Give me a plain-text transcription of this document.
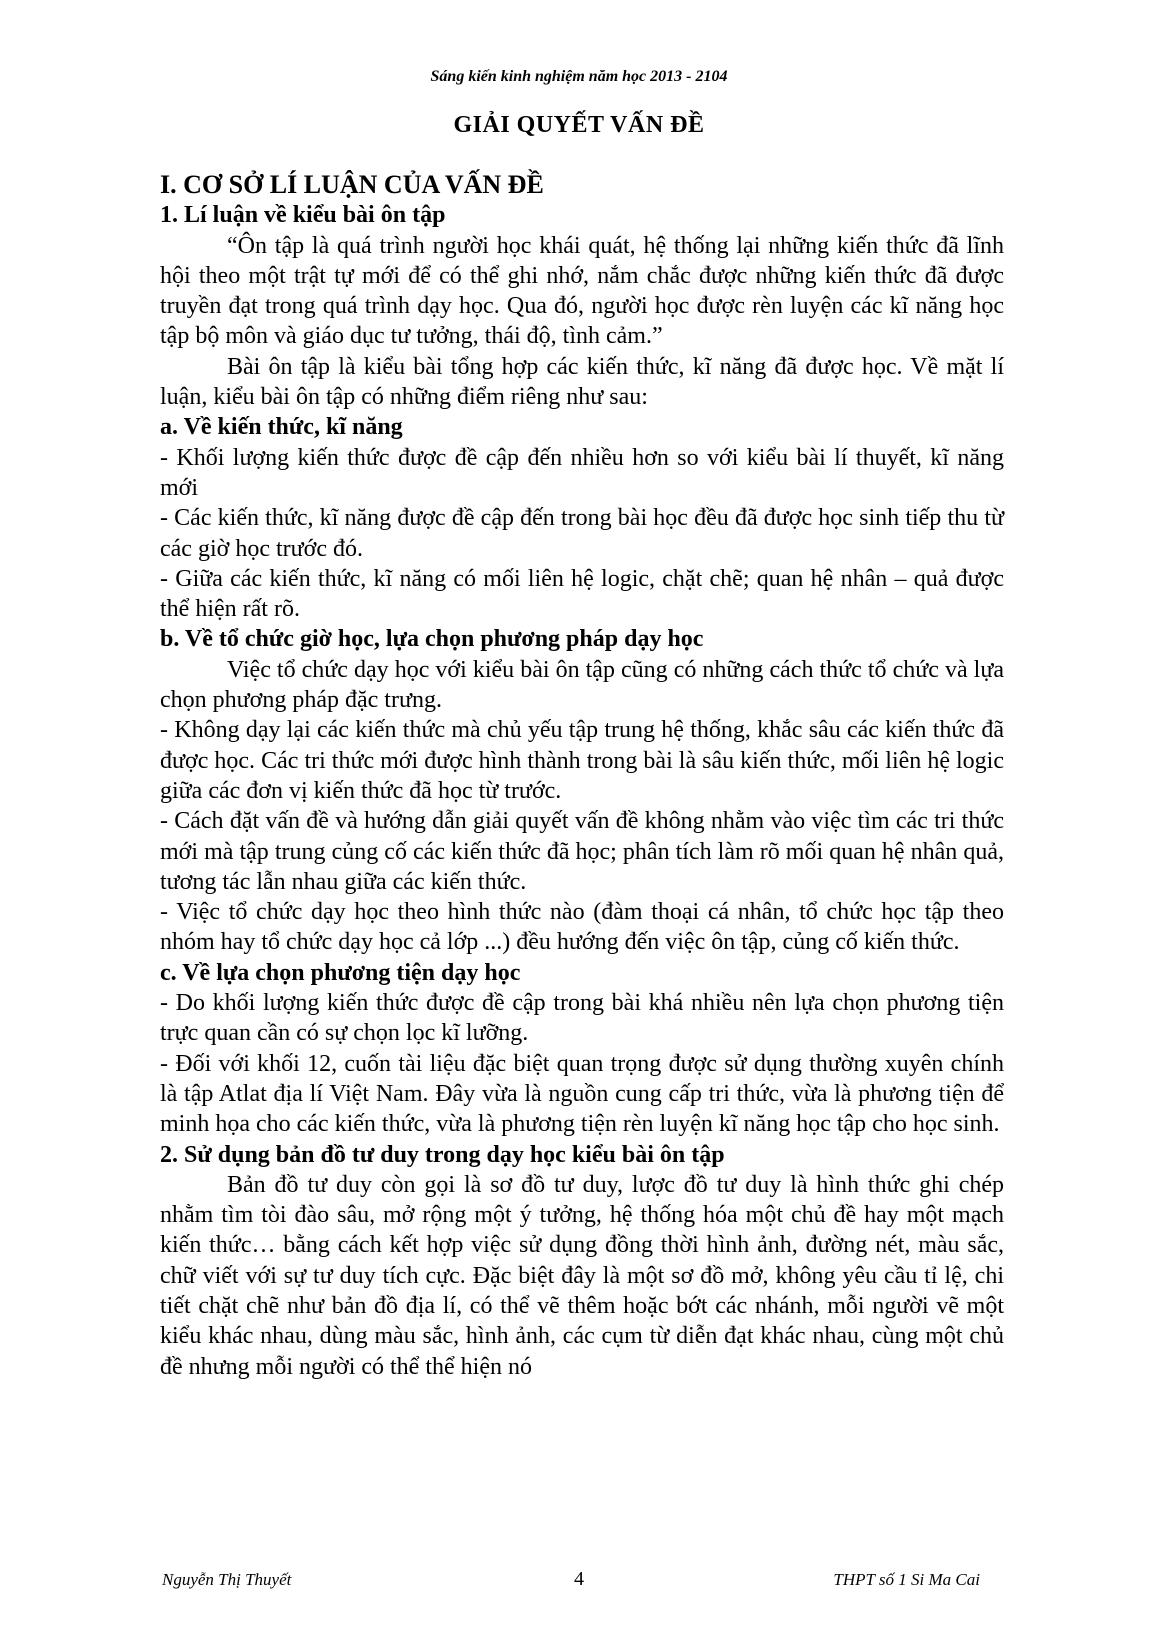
Sáng kiến kinh nghiệm năm học 2013 - 2104
GIẢI QUYẾT VẤN ĐỀ

I. CƠ SỞ LÍ LUẬN CỦA VẤN ĐỀ

1. Lí luận về kiểu bài ôn tập

“Ôn tập là quá trình người học khái quát, hệ thống lại những kiến thức đã lĩnh hội theo một trật tự mới để có thể ghi nhớ, nắm chắc được những kiến thức đã được truyền đạt trong quá trình dạy học. Qua đó, người học được rèn luyện các kĩ năng học tập bộ môn và giáo dục tư tưởng, thái độ, tình cảm.”

Bài ôn tập là kiểu bài tổng hợp các kiến thức, kĩ năng đã được học. Về mặt lí luận, kiểu bài ôn tập có những điểm riêng như sau:

a. Về kiến thức, kĩ năng

- Khối lượng kiến thức được đề cập đến nhiều hơn so với kiểu bài lí thuyết, kĩ năng mới

- Các kiến thức, kĩ năng được đề cập đến trong bài học đều đã được học sinh tiếp thu từ các giờ học trước đó.

- Giữa các kiến thức, kĩ năng có mối liên hệ logic, chặt chẽ; quan hệ nhân – quả được thể hiện rất rõ.

b. Về tổ chức giờ học, lựa chọn phương pháp dạy học

Việc tổ chức dạy học với kiểu bài ôn tập cũng có những cách thức tổ chức và lựa chọn phương pháp đặc trưng.

- Không dạy lại các kiến thức mà chủ yếu tập trung hệ thống, khắc sâu các kiến thức đã được học. Các tri thức mới được hình thành trong bài là sâu kiến thức, mối liên hệ logic giữa các đơn vị kiến thức đã học từ trước.

- Cách đặt vấn đề và hướng dẫn giải quyết vấn đề không nhằm vào việc tìm các tri thức mới mà tập trung củng cố các kiến thức đã học; phân tích làm rõ mối quan hệ nhân quả, tương tác lẫn nhau giữa các kiến thức.

- Việc tổ chức dạy học theo hình thức nào (đàm thoại cá nhân, tổ chức học tập theo nhóm hay tổ chức dạy học cả lớp ...) đều hướng đến việc ôn tập, củng cố kiến thức.

c. Về lựa chọn phương tiện dạy học

- Do khối lượng kiến thức được đề cập trong bài khá nhiều nên lựa chọn phương tiện trực quan cần có sự chọn lọc kĩ lưỡng.

- Đối với khối 12, cuốn tài liệu đặc biệt quan trọng được sử dụng thường xuyên chính là tập Atlat địa lí Việt Nam. Đây vừa là nguồn cung cấp tri thức, vừa là phương tiện để minh họa cho các kiến thức, vừa là phương tiện rèn luyện kĩ năng học tập cho học sinh.

2. Sử dụng bản đồ tư duy trong dạy học kiểu bài ôn tập

Bản đồ tư duy còn gọi là sơ đồ tư duy, lược đồ tư duy là hình thức ghi chép nhằm tìm tòi đào sâu, mở rộng một ý tưởng, hệ thống hóa một chủ đề hay một mạch kiến thức… bằng cách kết hợp việc sử dụng đồng thời hình ảnh, đường nét, màu sắc, chữ viết với sự tư duy tích cực. Đặc biệt đây là một sơ đồ mở, không yêu cầu tỉ lệ, chi tiết chặt chẽ như bản đồ địa lí, có thể vẽ thêm hoặc bớt các nhánh, mỗi người vẽ một kiểu khác nhau, dùng màu sắc, hình ảnh, các cụm từ diễn đạt khác nhau, cùng một chủ đề nhưng mỗi người có thể thể hiện nó

Nguyễn Thị Thuyết	4	THPT số 1 Si Ma Cai
